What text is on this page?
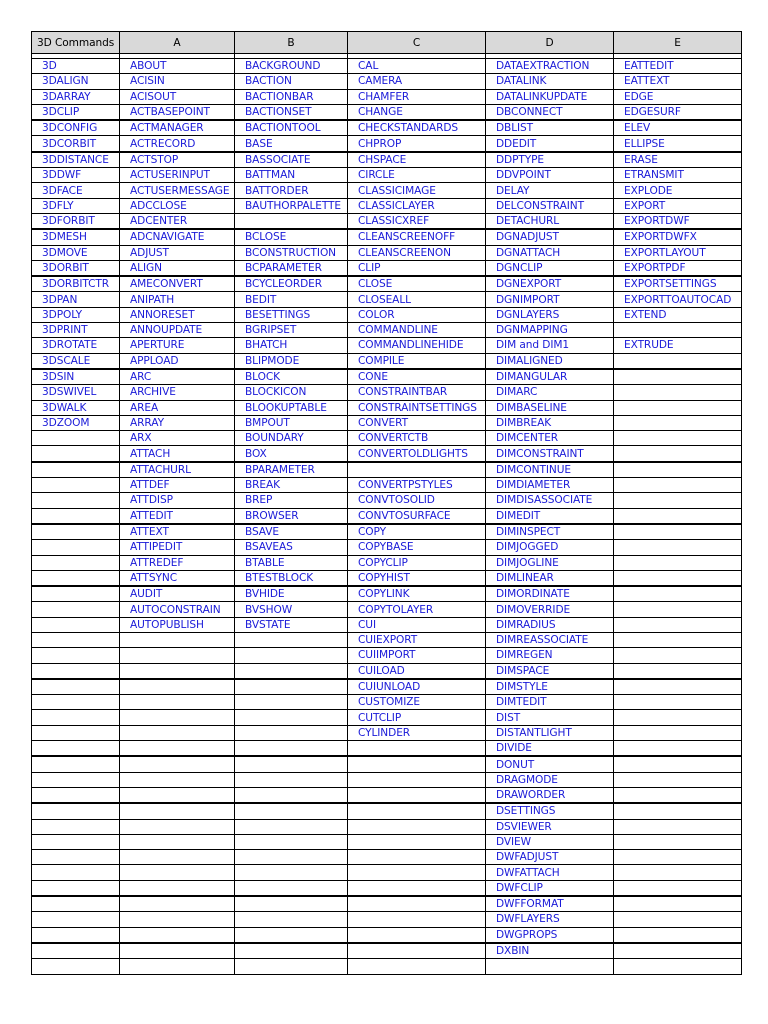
3D Commands	A	B	C	D	E

3D	ABOUT	BACKGROUND	CAL	DATAEXTRACTION	EATTEDIT
3DALIGN	ACISIN	BACTION	CAMERA	DATALINK	EATTEXT
3DARRAY	ACISOUT	BACTIONBAR	CHAMFER	DATALINKUPDATE	EDGE
3DCLIP	ACTBASEPOINT	BACTIONSET	CHANGE	DBCONNECT	EDGESURF
3DCONFIG	ACTMANAGER	BACTIONTOOL	CHECKSTANDARDS	DBLIST	ELEV
3DCORBIT	ACTRECORD	BASE	CHPROP	DDEDIT	ELLIPSE
3DDISTANCE	ACTSTOP	BASSOCIATE	CHSPACE	DDPTYPE	ERASE
3DDWF	ACTUSERINPUT	BATTMAN	CIRCLE	DDVPOINT	ETRANSMIT
3DFACE	ACTUSERMESSAGE	BATTORDER	CLASSICIMAGE	DELAY	EXPLODE
3DFLY	ADCCLOSE	BAUTHORPALETTE	CLASSICLAYER	DELCONSTRAINT	EXPORT
3DFORBIT	ADCENTER		CLASSICXREF	DETACHURL	EXPORTDWF
3DMESH	ADCNAVIGATE	BCLOSE	CLEANSCREENOFF	DGNADJUST	EXPORTDWFX
3DMOVE	ADJUST	BCONSTRUCTION	CLEANSCREENON	DGNATTACH	EXPORTLAYOUT
3DORBIT	ALIGN	BCPARAMETER	CLIP	DGNCLIP	EXPORTPDF
3DORBITCTR	AMECONVERT	BCYCLEORDER	CLOSE	DGNEXPORT	EXPORTSETTINGS
3DPAN	ANIPATH	BEDIT	CLOSEALL	DGNIMPORT	EXPORTTOAUTOCAD
3DPOLY	ANNORESET	BESETTINGS	COLOR	DGNLAYERS	EXTEND
3DPRINT	ANNOUPDATE	BGRIPSET	COMMANDLINE	DGNMAPPING	
3DROTATE	APERTURE	BHATCH	COMMANDLINEHIDE	DIM and DIM1	EXTRUDE
3DSCALE	APPLOAD	BLIPMODE	COMPILE	DIMALIGNED	
3DSIN	ARC	BLOCK	CONE	DIMANGULAR	
3DSWIVEL	ARCHIVE	BLOCKICON	CONSTRAINTBAR	DIMARC	
3DWALK	AREA	BLOOKUPTABLE	CONSTRAINTSETTINGS	DIMBASELINE	
3DZOOM	ARRAY	BMPOUT	CONVERT	DIMBREAK	
	ARX	BOUNDARY	CONVERTCTB	DIMCENTER	
	ATTACH	BOX	CONVERTOLDLIGHTS	DIMCONSTRAINT	
	ATTACHURL	BPARAMETER		DIMCONTINUE	
	ATTDEF	BREAK	CONVERTPSTYLES	DIMDIAMETER	
	ATTDISP	BREP	CONVTOSOLID	DIMDISASSOCIATE	
	ATTEDIT	BROWSER	CONVTOSURFACE	DIMEDIT	
	ATTEXT	BSAVE	COPY	DIMINSPECT	
	ATTIPEDIT	BSAVEAS	COPYBASE	DIMJOGGED	
	ATTREDEF	BTABLE	COPYCLIP	DIMJOGLINE	
	ATTSYNC	BTESTBLOCK	COPYHIST	DIMLINEAR	
	AUDIT	BVHIDE	COPYLINK	DIMORDINATE	
	AUTOCONSTRAIN	BVSHOW	COPYTOLAYER	DIMOVERRIDE	
	AUTOPUBLISH	BVSTATE	CUI	DIMRADIUS	
			CUIEXPORT	DIMREASSOCIATE	
			CUIIMPORT	DIMREGEN	
			CUILOAD	DIMSPACE	
			CUIUNLOAD	DIMSTYLE	
			CUSTOMIZE	DIMTEDIT	
			CUTCLIP	DIST	
			CYLINDER	DISTANTLIGHT	
				DIVIDE	
				DONUT	
				DRAGMODE	
				DRAWORDER	
				DSETTINGS	
				DSVIEWER	
				DVIEW	
				DWFADJUST	
				DWFATTACH	
				DWFCLIP	
				DWFFORMAT	
				DWFLAYERS	
				DWGPROPS	
				DXBIN	
